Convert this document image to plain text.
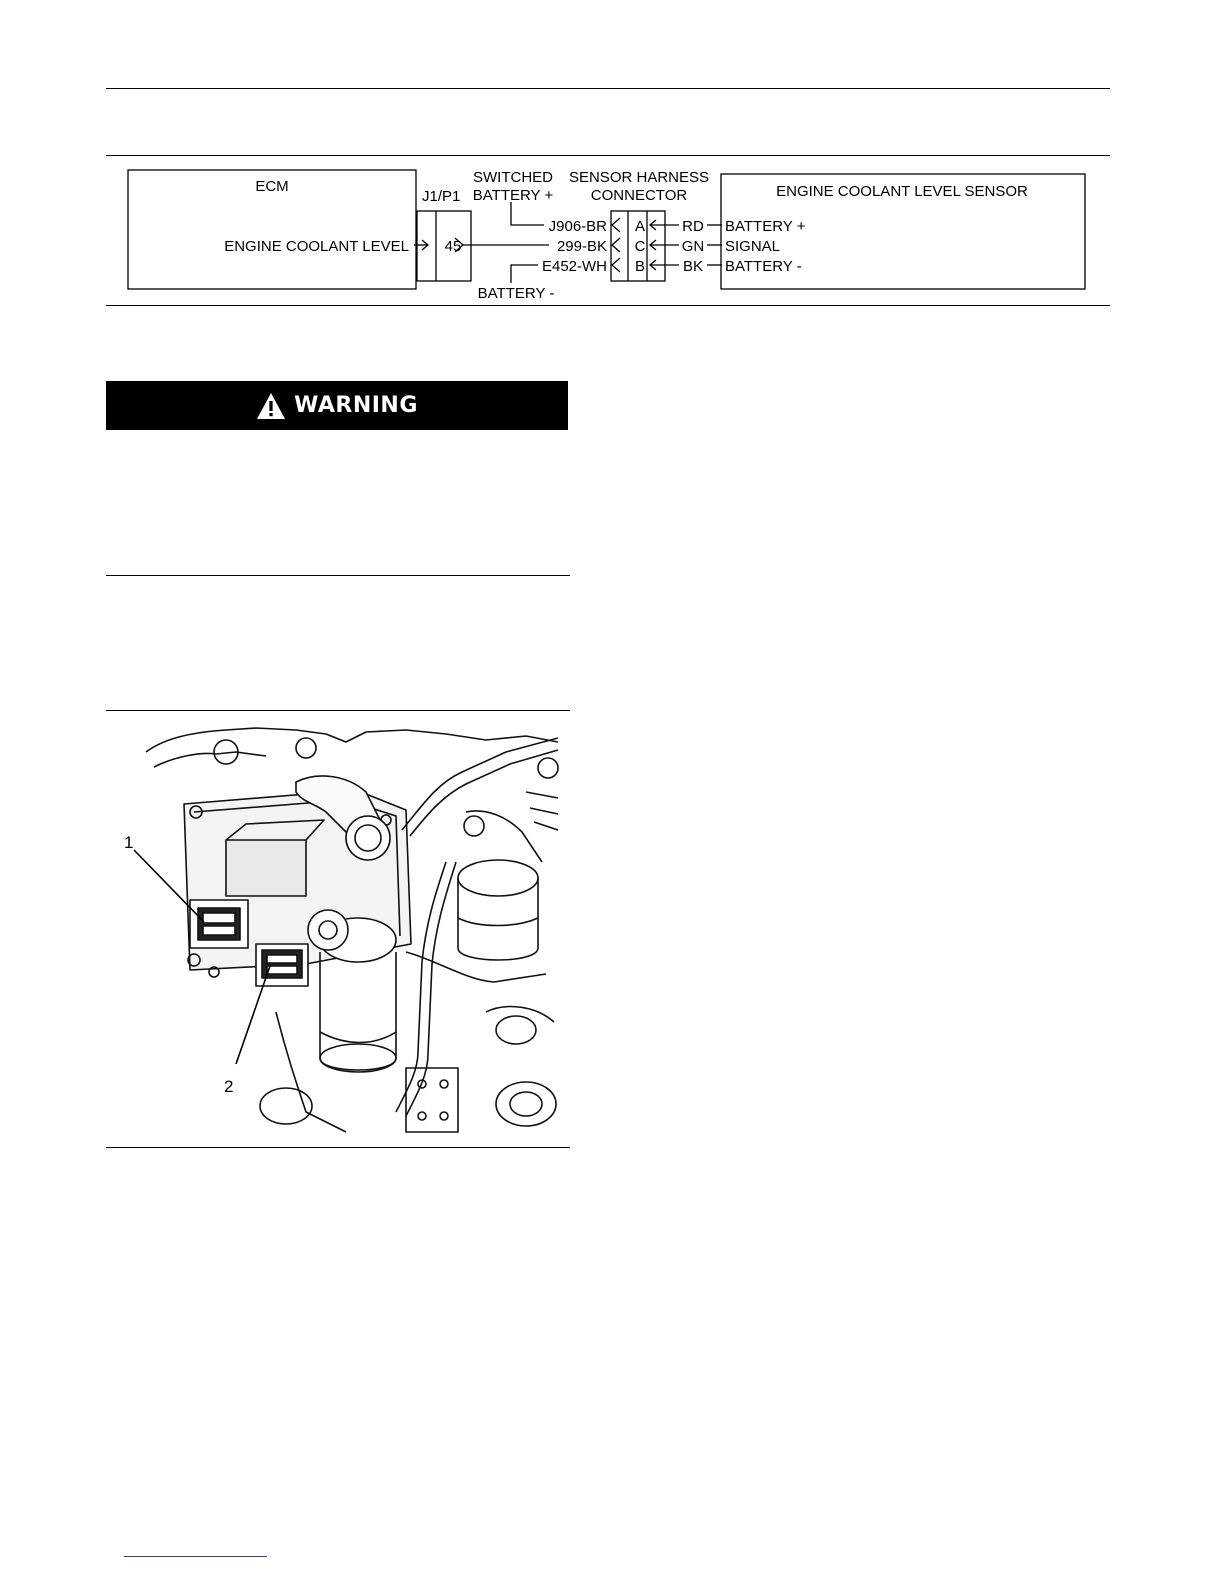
ECM
ENGINE COOLANT LEVEL
J1/P1
45
SWITCHED
BATTERY +
SENSOR HARNESS
CONNECTOR
BATTERY -
ENGINE COOLANT LEVEL SENSOR
J906-BR
299-BK
E452-WH
A
C
B
RD
GN
BK
BATTERY +
SIGNAL
BATTERY -
WARNING
1
2
